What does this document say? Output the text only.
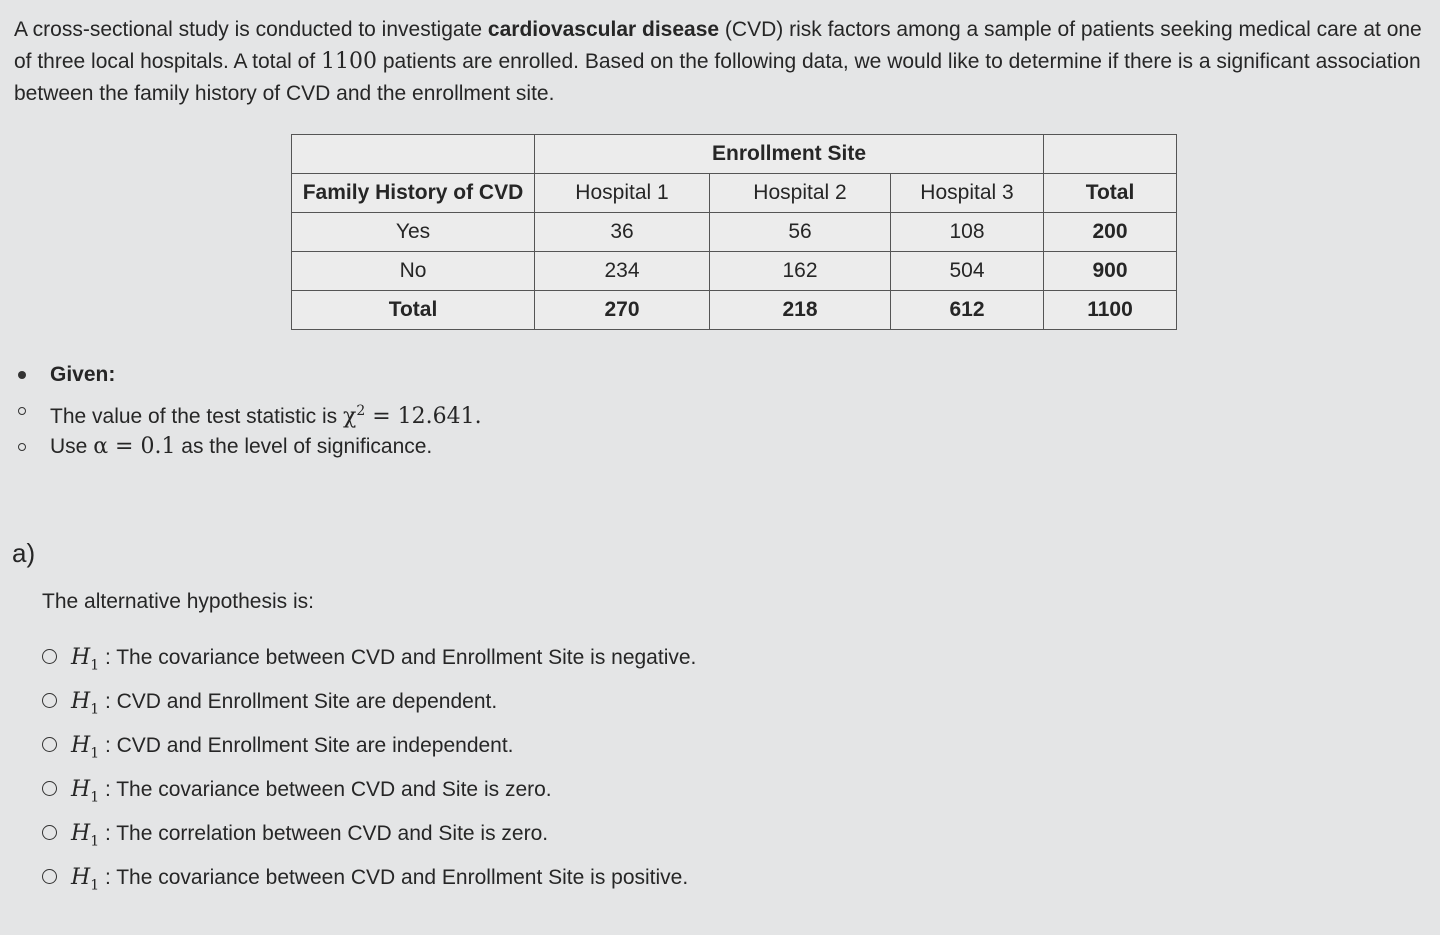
A cross-sectional study is conducted to investigate cardiovascular disease (CVD) risk factors among a sample of patients seeking medical care at one of three local hospitals. A total of 1100 patients are enrolled. Based on the following data, we would like to determine if there is a significant association between the family history of CVD and the enrollment site.
	Enrollment Site			
Family History of CVD	Hospital 1	Hospital 2	Hospital 3	Total
Yes	36	56	108	200
No	234	162	504	900
Total	270	218	612	1100
Given:
The value of the test statistic is $\chi^2 = 12.641$.
Use α = 0.1 as the level of significance.
a)
The alternative hypothesis is:
$H_1$ : The covariance between CVD and Enrollment Site is negative.
$H_1$ : CVD and Enrollment Site are dependent.
$H_1$ : CVD and Enrollment Site are independent.
$H_1$ : The covariance between CVD and Site is zero.
$H_1$ : The correlation between CVD and Site is zero.
$H_1$ : The covariance between CVD and Enrollment Site is positive.
